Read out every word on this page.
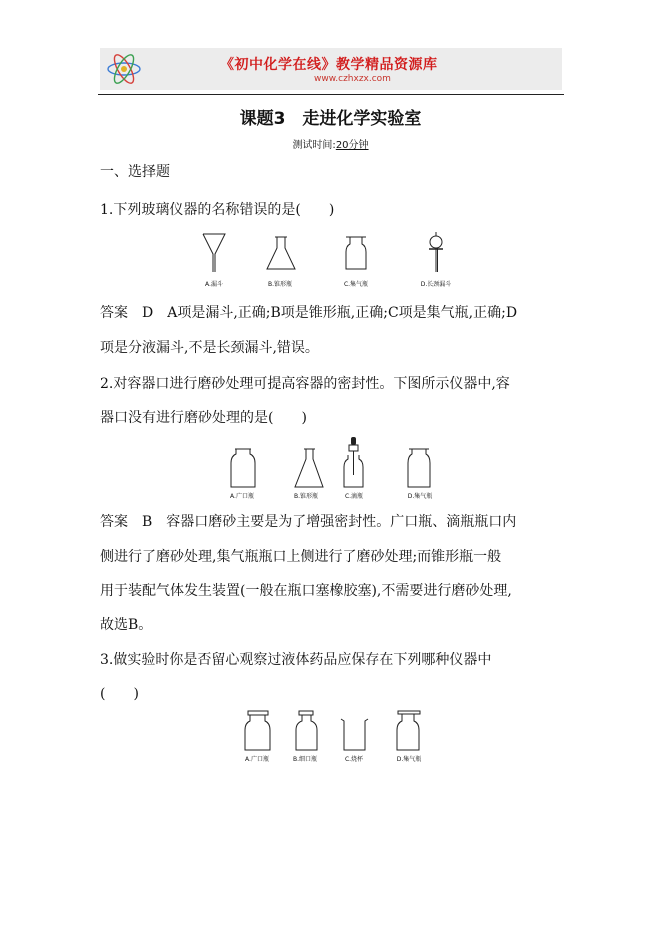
《初中化学在线》教学精品资源库
www.czhxzx.com
课题3　走进化学实验室
测试时间:20分钟
一、选择题
1.下列玻璃仪器的名称错误的是(　　)
A.漏斗	B.锥形瓶	C.集气瓶	D.长颈漏斗
答案　D　A项是漏斗,正确;B项是锥形瓶,正确;C项是集气瓶,正确;D
项是分液漏斗,不是长颈漏斗,错误。
2.对容器口进行磨砂处理可提高容器的密封性。下图所示仪器中,容
器口没有进行磨砂处理的是(　　)
A.广口瓶	B.锥形瓶	C.滴瓶	D.集气瓶
答案　B　容器口磨砂主要是为了增强密封性。广口瓶、滴瓶瓶口内
侧进行了磨砂处理,集气瓶瓶口上侧进行了磨砂处理;而锥形瓶一般
用于装配气体发生装置(一般在瓶口塞橡胶塞),不需要进行磨砂处理,
故选B。
3.做实验时你是否留心观察过液体药品应保存在下列哪种仪器中
(　　)
A.广口瓶	B.细口瓶	C.烧杯	D.集气瓶
